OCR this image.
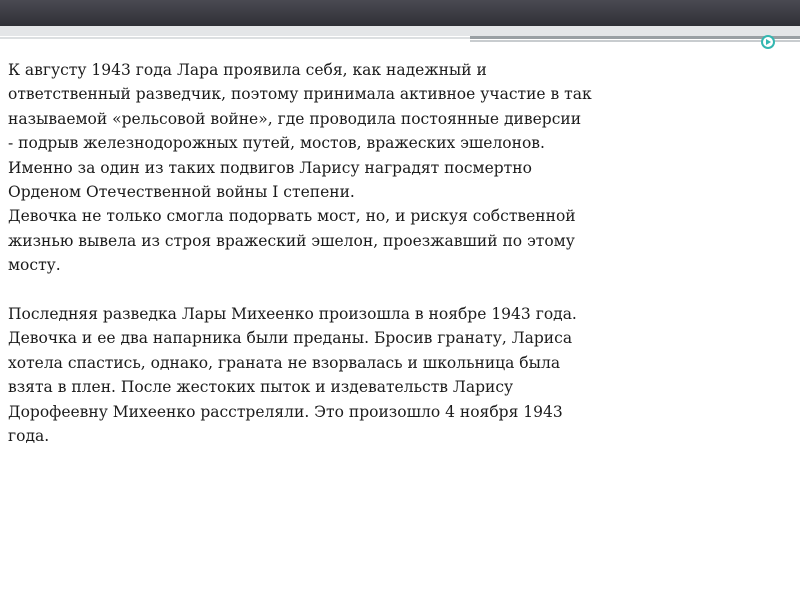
К августу 1943 года Лара проявила себя, как надежный и
ответственный разведчик, поэтому принимала активное участие в так
называемой «рельсовой войне», где проводила постоянные диверсии
- подрыв железнодорожных путей, мостов, вражеских эшелонов.
Именно за один из таких подвигов Ларису наградят посмертно
Орденом Отечественной войны I степени.

Девочка не только смогла подорвать мост, но, и рискуя собственной
жизнью вывела из строя вражеский эшелон, проезжавший по этому
мосту.

Последняя разведка Лары Михеенко произошла в ноябре 1943 года.
Девочка и ее два напарника были преданы. Бросив гранату, Лариса
хотела спастись, однако, граната не взорвалась и школьница была
взята в плен. После жестоких пыток и издевательств Ларису
Дорофеевну Михеенко расстреляли. Это произошло 4 ноября 1943
года.
